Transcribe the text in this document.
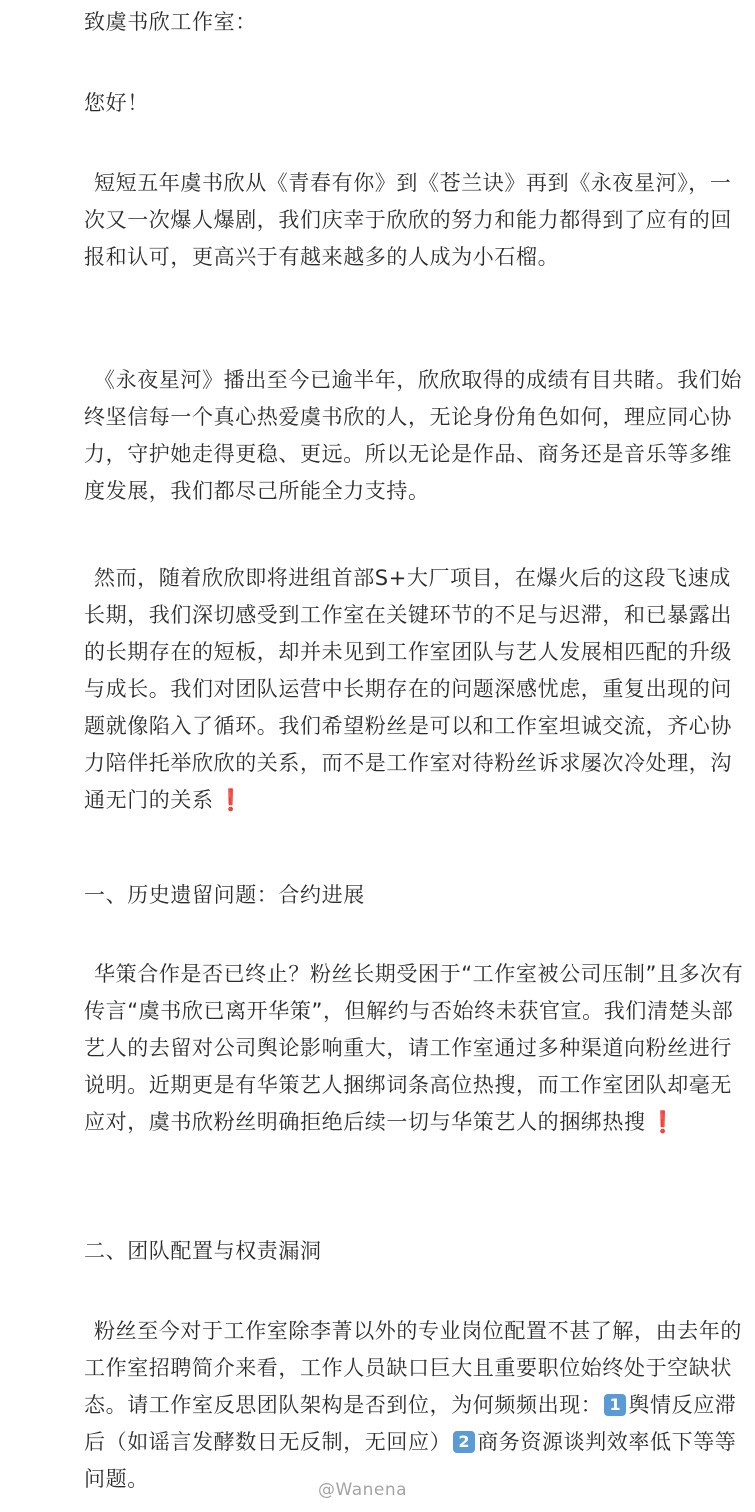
致虞书欣工作室：

您好！

短短五年虞书欣从《青春有你》到《苍兰诀》再到《永夜星河》，一次又一次爆人爆剧，我们庆幸于欣欣的努力和能力都得到了应有的回报和认可，更高兴于有越来越多的人成为小石榴。

《永夜星河》播出至今已逾半年，欣欣取得的成绩有目共睹。我们始终坚信每一个真心热爱虞书欣的人，无论身份角色如何，理应同心协力，守护她走得更稳、更远。所以无论是作品、商务还是音乐等多维度发展，我们都尽己所能全力支持。

然而，随着欣欣即将进组首部S+大厂项目，在爆火后的这段飞速成长期，我们深切感受到工作室在关键环节的不足与迟滞，和已暴露出的长期存在的短板，却并未见到工作室团队与艺人发展相匹配的升级与成长。我们对团队运营中长期存在的问题深感忧虑，重复出现的问题就像陷入了循环。我们希望粉丝是可以和工作室坦诚交流，齐心协力陪伴托举欣欣的关系，而不是工作室对待粉丝诉求屡次冷处理，沟通无门的关系 ❗

一、历史遗留问题：合约进展

华策合作是否已终止？粉丝长期受困于“工作室被公司压制”且多次有传言“虞书欣已离开华策”，但解约与否始终未获官宣。我们清楚头部艺人的去留对公司舆论影响重大，请工作室通过多种渠道向粉丝进行说明。近期更是有华策艺人捆绑词条高位热搜，而工作室团队却毫无应对，虞书欣粉丝明确拒绝后续一切与华策艺人的捆绑热搜 ❗

二、团队配置与权责漏洞

粉丝至今对于工作室除李菁以外的专业岗位配置不甚了解，由去年的工作室招聘简介来看，工作人员缺口巨大且重要职位始终处于空缺状态。请工作室反思团队架构是否到位，为何频频出现： 1 舆情反应滞后（如谣言发酵数日无反制，无回应） 2 商务资源谈判效率低下等等问题。	@Wanena
